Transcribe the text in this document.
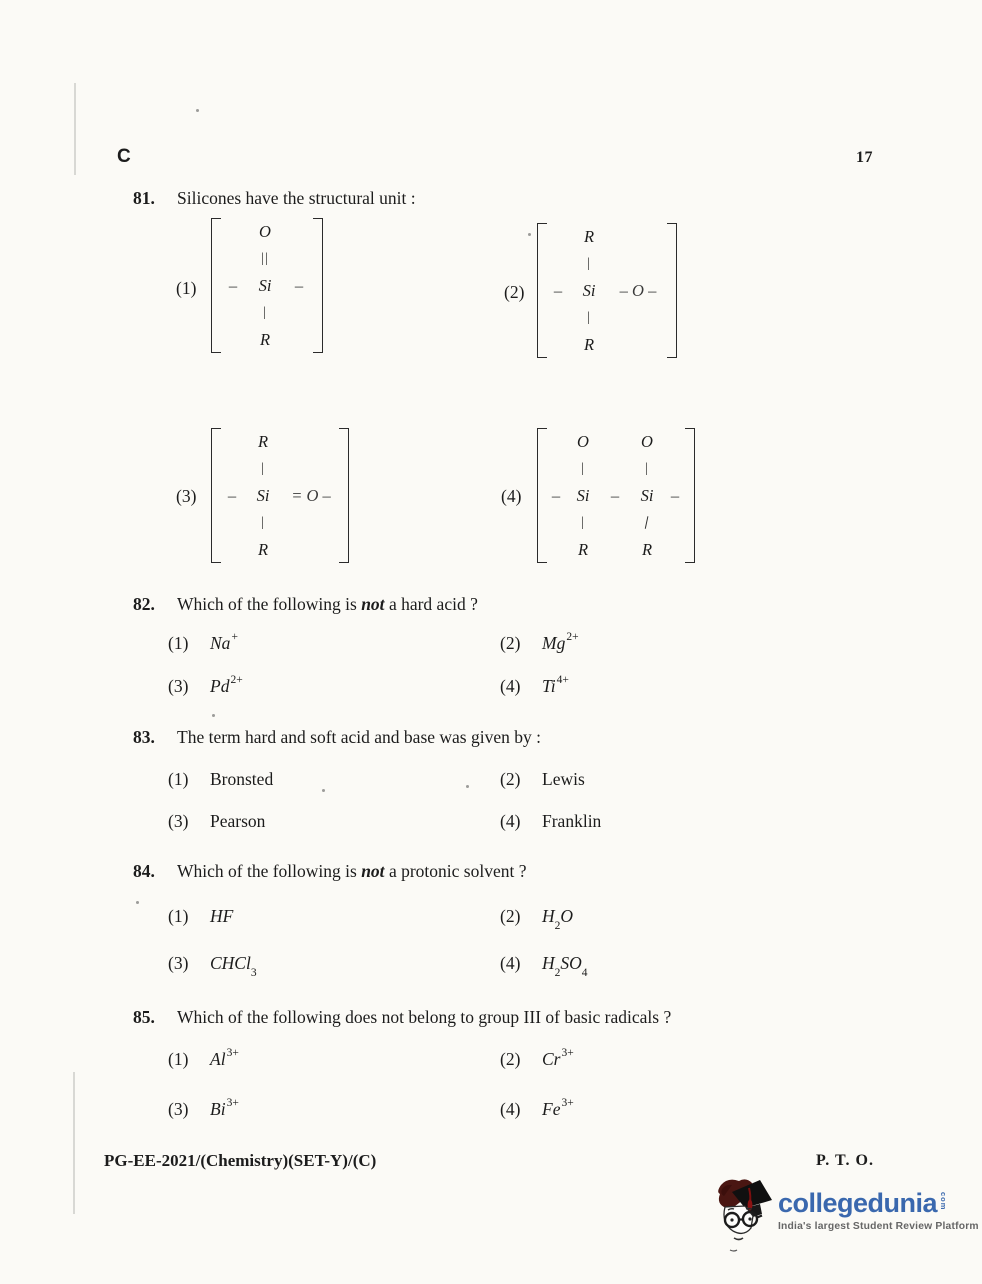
C	17
81.	Silicones have the structural unit :
(1)
O
||
–	Si	–
|
R
(2)
R
|
–	Si	– O –
|
R
(3)
R
|
–	Si	= O –
|
R
(4)
O	O
|	|
– Si	–	Si	–
|	|
R	R
82.	Which of the following is not a hard acid ?
(1)	Na+	(2)	$Mg^{2+}$
(3)	$Pd^{2+}$	(4)	$Ti^{4+}$
83.	The term hard and soft acid and base was given by :
(1)	Bronsted	(2)	Lewis
(3)	Pearson	(4)	Franklin
84.	Which of the following is not a protonic solvent ?
(1)	HF	(2)	$H_2O$
(3)	CHCl$_3$	(4)	$H_2SO_4$
85.	Which of the following does not belong to group III of basic radicals ?
(1)	$Al^{3+}$	(2)	$Cr^{3+}$
(3)	$Bi^{3+}$	(4)	$Fe^{3+}$
PG-EE-2021/(Chemistry)(SET-Y)/(C)	P. T. O.
collegedunia com
India's largest Student Review Platform
